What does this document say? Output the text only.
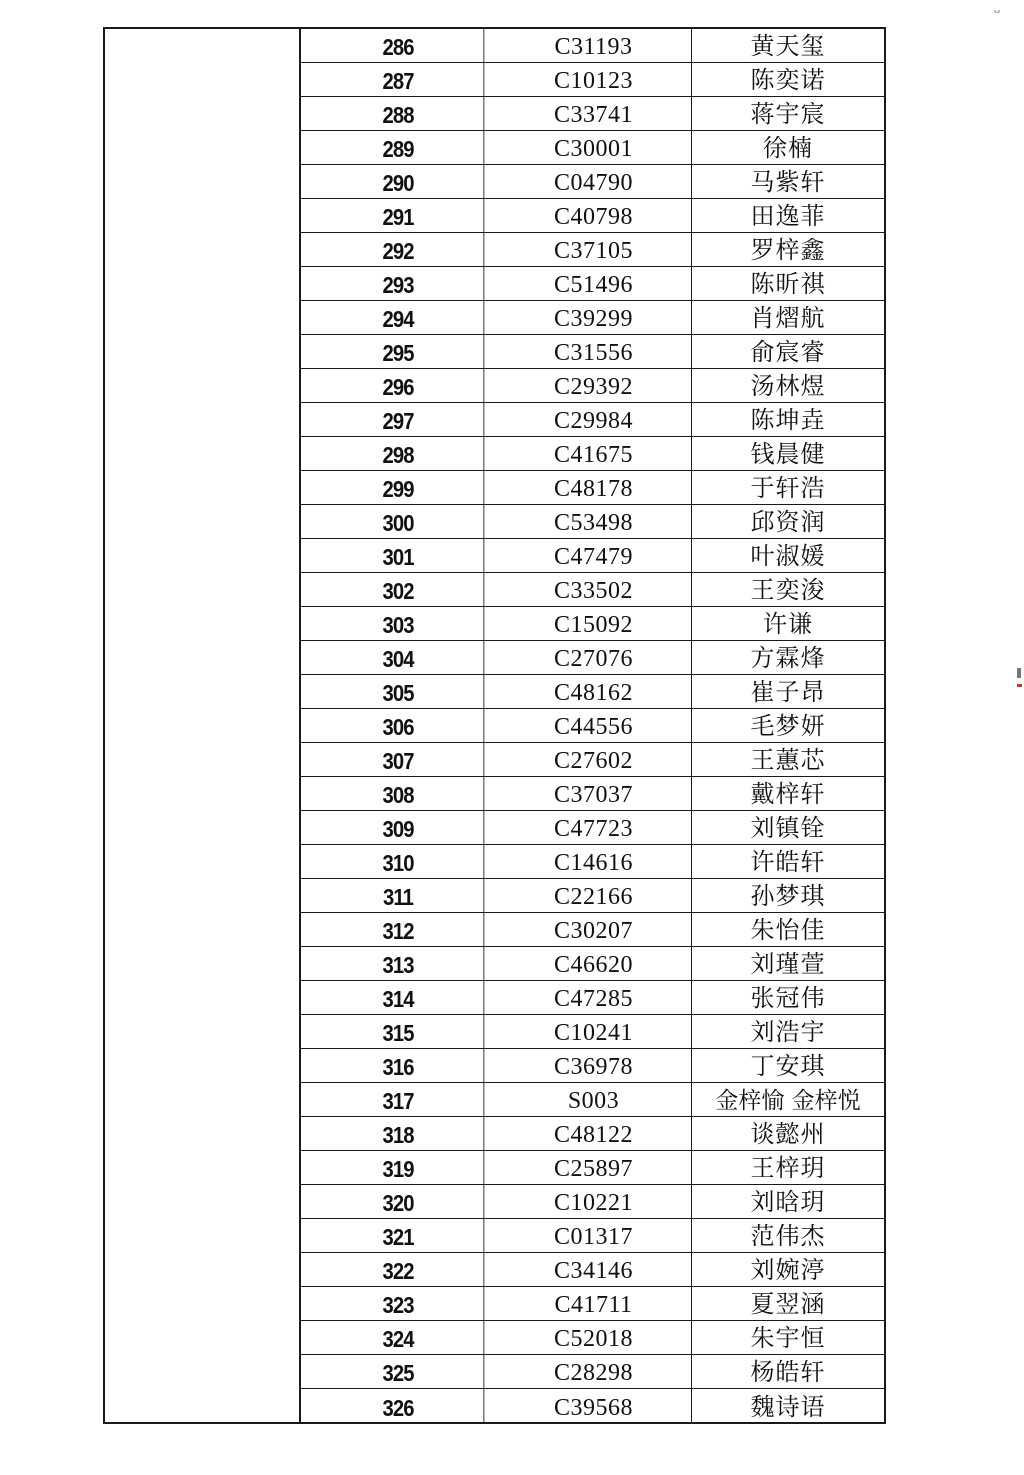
ᴗ
286	C31193	黄天玺
287	C10123	陈奕诺
288	C33741	蒋宇宸
289	C30001	徐楠
290	C04790	马紫轩
291	C40798	田逸菲
292	C37105	罗梓鑫
293	C51496	陈昕祺
294	C39299	肖熠航
295	C31556	俞宸睿
296	C29392	汤林煜
297	C29984	陈坤垚
298	C41675	钱晨健
299	C48178	于轩浩
300	C53498	邱资润
301	C47479	叶淑媛
302	C33502	王奕浚
303	C15092	许谦
304	C27076	方霖烽
305	C48162	崔子昂
306	C44556	毛梦妍
307	C27602	王蕙芯
308	C37037	戴梓轩
309	C47723	刘镇铨
310	C14616	许皓轩
311	C22166	孙梦琪
312	C30207	朱怡佳
313	C46620	刘瑾萱
314	C47285	张冠伟
315	C10241	刘浩宇
316	C36978	丁安琪
317	S003	金梓愉 金梓悦
318	C48122	谈懿州
319	C25897	王梓玥
320	C10221	刘晗玥
321	C01317	范伟杰
322	C34146	刘婉渟
323	C41711	夏翌涵
324	C52018	朱宇恒
325	C28298	杨皓轩
326	C39568	魏诗语
